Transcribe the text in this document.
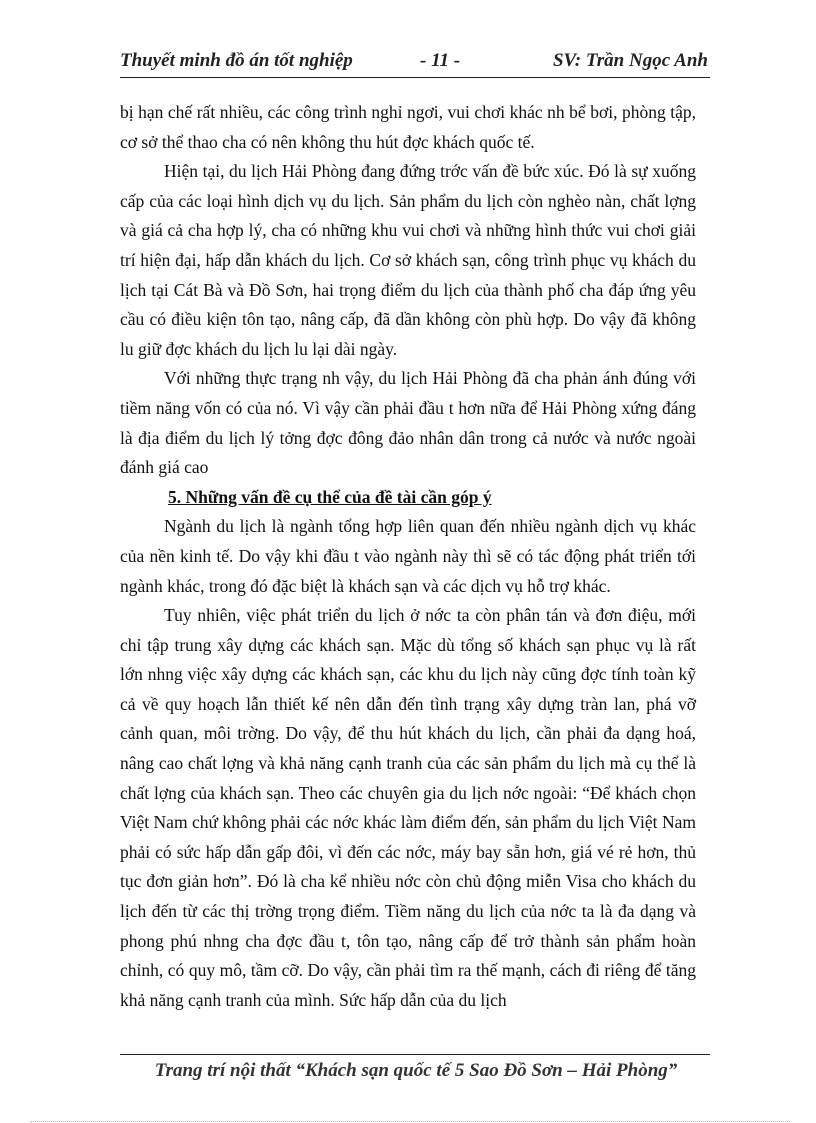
Thuyết minh đồ án tốt nghiệp	- 11 -	SV: Trần Ngọc Anh

bị hạn chế rất nhiều, các công trình nghỉ ngơi, vui chơi khác nh bể bơi, phòng tập, cơ sở thể thao cha có nên không thu hút đợc khách quốc tế.

Hiện tại, du lịch Hải Phòng đang đứng trớc vấn đề bức xúc. Đó là sự xuống cấp của các loại hình dịch vụ du lịch. Sản phẩm du lịch còn nghèo nàn, chất lợng và giá cả cha hợp lý, cha có những khu vui chơi và những hình thức vui chơi giải trí hiện đại, hấp dẫn khách du lịch. Cơ sở khách sạn, công trình phục vụ khách du lịch tại Cát Bà và Đồ Sơn, hai trọng điểm du lịch của thành phố cha đáp ứng yêu cầu có điều kiện tôn tạo, nâng cấp, đã dần không còn phù hợp. Do vậy đã không lu giữ đợc khách du lịch lu lại dài ngày.

Với những thực trạng nh vậy, du lịch Hải Phòng đã cha phản ánh đúng với tiềm năng vốn có của nó. Vì vậy cần phải đầu t hơn nữa để Hải Phòng xứng đáng là địa điểm du lịch lý tởng đợc đông đảo nhân dân trong cả nước và nước ngoài đánh giá cao

5. Những vấn đề cụ thể của đề tài cần góp ý

Ngành du lịch là ngành tổng hợp liên quan đến nhiều ngành dịch vụ khác của nền kinh tế. Do vậy khi đầu t vào ngành này thì sẽ có tác động phát triển tới ngành khác, trong đó đặc biệt là khách sạn và các dịch vụ hỗ trợ khác.

Tuy nhiên, việc phát triển du lịch ở nớc ta còn phân tán và đơn điệu, mới chỉ tập trung xây dựng các khách sạn. Mặc dù tổng số khách sạn phục vụ là rất lớn nhng việc xây dựng các khách sạn, các khu du lịch này cũng đợc tính toàn kỹ cả về quy hoạch lẫn thiết kế nên dẫn đến tình trạng xây dựng tràn lan, phá vỡ cảnh quan, môi trờng. Do vậy, để thu hút khách du lịch, cần phải đa dạng hoá, nâng cao chất lợng và khả năng cạnh tranh của các sản phẩm du lịch mà cụ thể là chất lợng của khách sạn. Theo các chuyên gia du lịch nớc ngoài: “Để khách chọn Việt Nam chứ không phải các nớc khác làm điểm đến, sản phẩm du lịch Việt Nam phải có sức hấp dẫn gấp đôi, vì đến các nớc, máy bay sẵn hơn, giá vé rẻ hơn, thủ tục đơn giản hơn”. Đó là cha kể nhiều nớc còn chủ động miễn Visa cho khách du lịch đến từ các thị trờng trọng điểm. Tiềm năng du lịch của nớc ta là đa dạng và phong phú nhng cha đợc đầu t, tôn tạo, nâng cấp để trở thành sản phẩm hoàn chỉnh, có quy mô, tầm cỡ. Do vậy, cần phải tìm ra thế mạnh, cách đi riêng để tăng khả năng cạnh tranh của mình. Sức hấp dẫn của du lịch

Trang trí nội thất “Khách sạn quốc tế 5 Sao Đồ Sơn – Hải Phòng”
